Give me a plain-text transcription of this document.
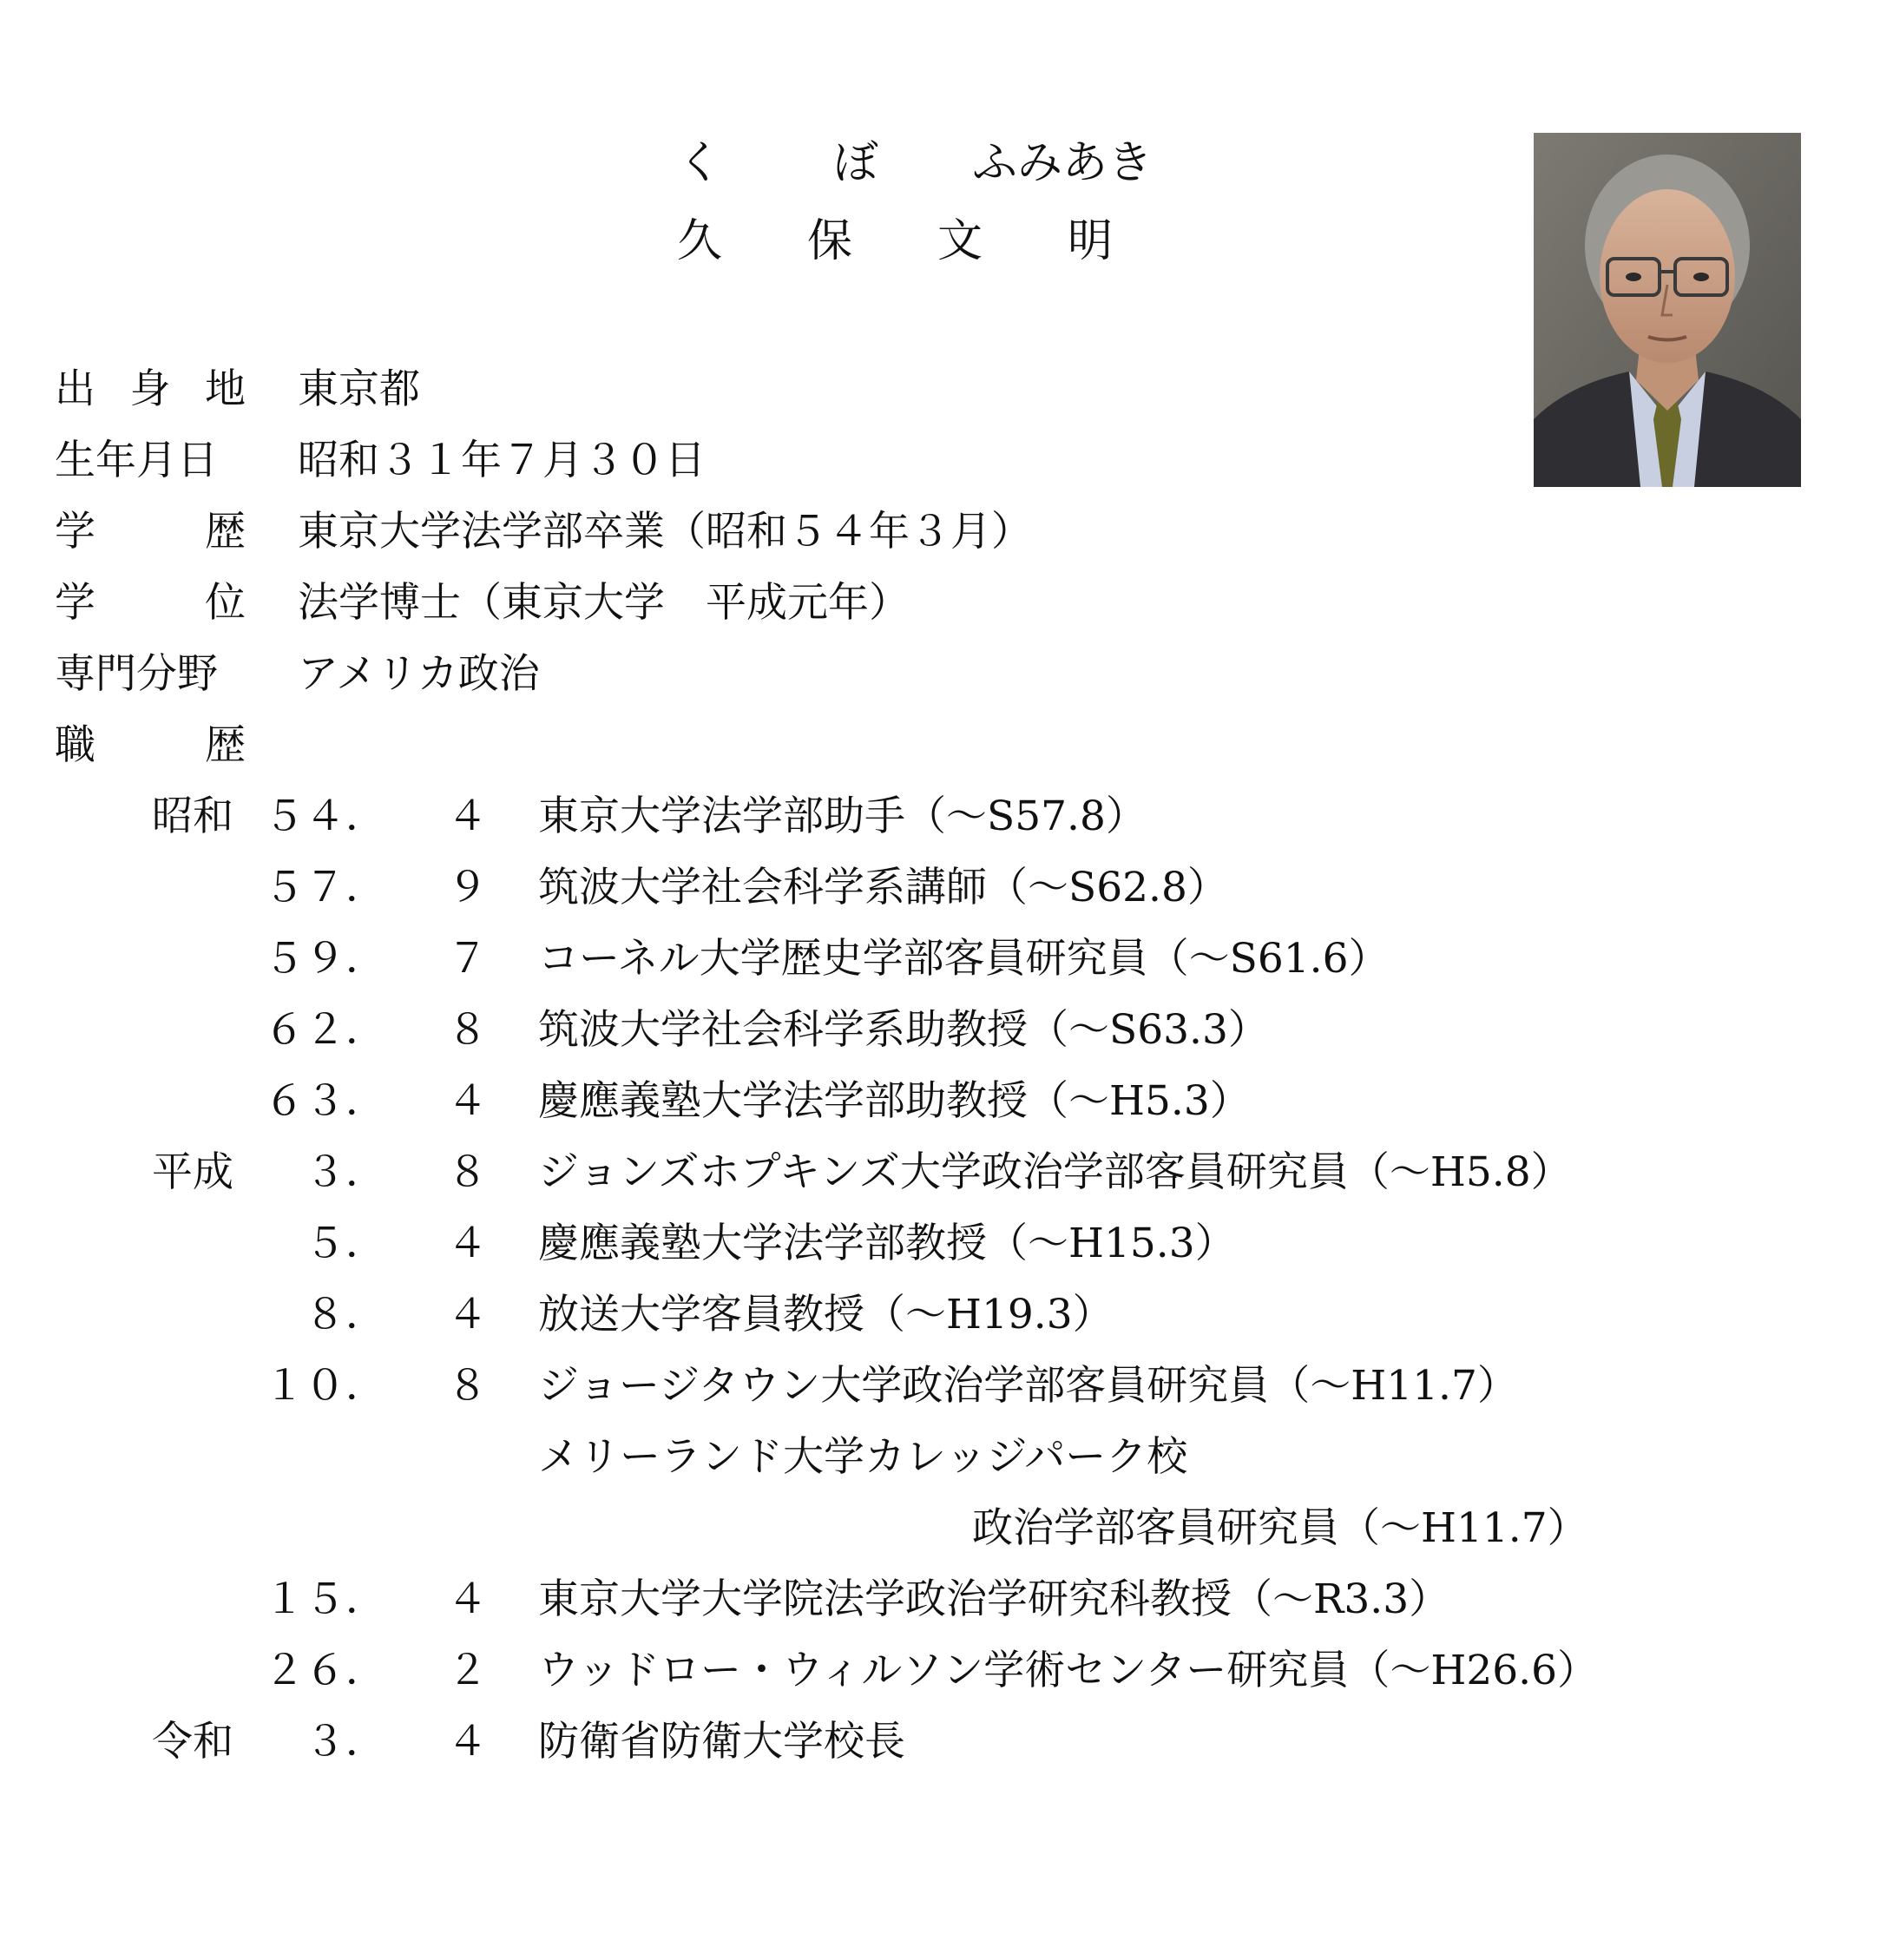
く	ぼ	ふみあき
久	保	文	明
出 身 地 東京都
生年月日 昭和３１年７月３０日
学	歴 東京大学法学部卒業（昭和５４年３月）
学	位 法学博士（東京大学　平成元年）
専門分野 アメリカ政治
職	歴
昭和 ５４． ４ 東京大学法学部助手（～S57.8）
５７． ９ 筑波大学社会科学系講師（～S62.8）
５９． ７ コーネル大学歴史学部客員研究員（～S61.6）
６２． ８ 筑波大学社会科学系助教授（～S63.3）
６３． ４ 慶應義塾大学法学部助教授（～H5.3）
平成	３． ８ ジョンズホプキンズ大学政治学部客員研究員（～H5.8）
５． ４ 慶應義塾大学法学部教授（～H15.3）
８． ４ 放送大学客員教授（～H19.3）
１０． ８ ジョージタウン大学政治学部客員研究員（～H11.7）
メリーランド大学カレッジパーク校
政治学部客員研究員（～H11.7）
１５． ４ 東京大学大学院法学政治学研究科教授（～R3.3）
２６． ２ ウッドロー・ウィルソン学術センター研究員（～H26.6）
令和	３． ４ 防衛省防衛大学校長
